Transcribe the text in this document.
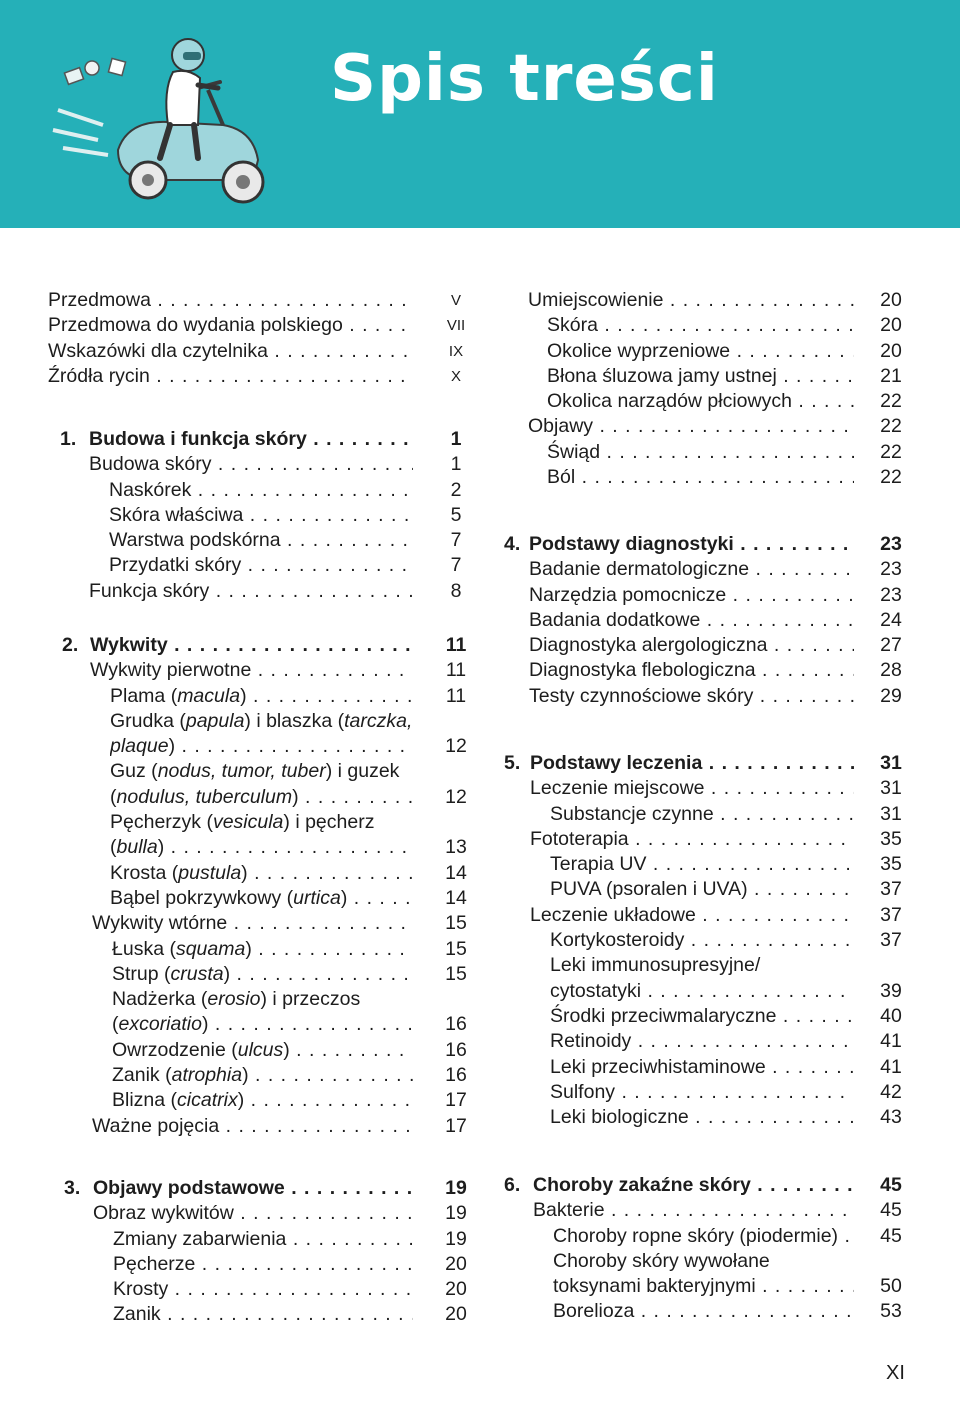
Spis treści
Przedmowa . . .	V
Przedmowa do wydania polskiego . . .	VII
Wskazówki dla czytelnika . . .	IX
Źródła rycin . . .	X
1. Budowa i funkcja skóry . . .	1
Budowa skóry . . .	1
Naskórek . . .	2
Skóra właściwa . . .	5
Warstwa podskórna . . .	7
Przydatki skóry . . .	7
Funkcja skóry . . .	8
2. Wykwity . . .	11
Wykwity pierwotne . . .	11
Plama (macula) . . .	11
Grudka (papula) i blaszka (tarczka,
plaque) . . .	12
Guz (nodus, tumor, tuber) i guzek
(nodulus, tuberculum) . . .	12
Pęcherzyk (vesicula) i pęcherz
(bulla) . . .	13
Krosta (pustula) . . .	14
Bąbel pokrzywkowy (urtica) . . .	14
Wykwity wtórne . . .	15
Łuska (squama) . . .	15
Strup (crusta) . . .	15
Nadżerka (erosio) i przeczos
(excoriatio) . . .	16
Owrzodzenie (ulcus) . . .	16
Zanik (atrophia) . . .	16
Blizna (cicatrix) . . .	17
Ważne pojęcia . . .	17
3. Objawy podstawowe . . .	19
Obraz wykwitów . . .	19
Zmiany zabarwienia . . .	19
Pęcherze . . .	20
Krosty . . .	20
Zanik . . .	20
Umiejscowienie . . .	20
Skóra . . .	20
Okolice wyprzeniowe . . .	20
Błona śluzowa jamy ustnej . . .	21
Okolica narządów płciowych . . .	22
Objawy . . .	22
Świąd . . .	22
Ból . . .	22
4. Podstawy diagnostyki . . .	23
Badanie dermatologiczne . . .	23
Narzędzia pomocnicze . . .	23
Badania dodatkowe . . .	24
Diagnostyka alergologiczna . . .	27
Diagnostyka flebologiczna . . .	28
Testy czynnościowe skóry . . .	29
5. Podstawy leczenia . . .	31
Leczenie miejscowe . . .	31
Substancje czynne . . .	31
Fototerapia . . .	35
Terapia UV . . .	35
PUVA (psoralen i UVA) . . .	37
Leczenie układowe . . .	37
Kortykosteroidy . . .	37
Leki immunosupresyjne/
cytostatyki . . .	39
Środki przeciwmalaryczne . . .	40
Retinoidy . . .	41
Leki przeciwhistaminowe . . .	41
Sulfony . . .	42
Leki biologiczne . . .	43
6. Choroby zakaźne skóry . . .	45
Bakterie . . .	45
Choroby ropne skóry (piodermie) . . .	45
Choroby skóry wywołane
toksynami bakteryjnymi . . .	50
Borelioza . . .	53
XI
